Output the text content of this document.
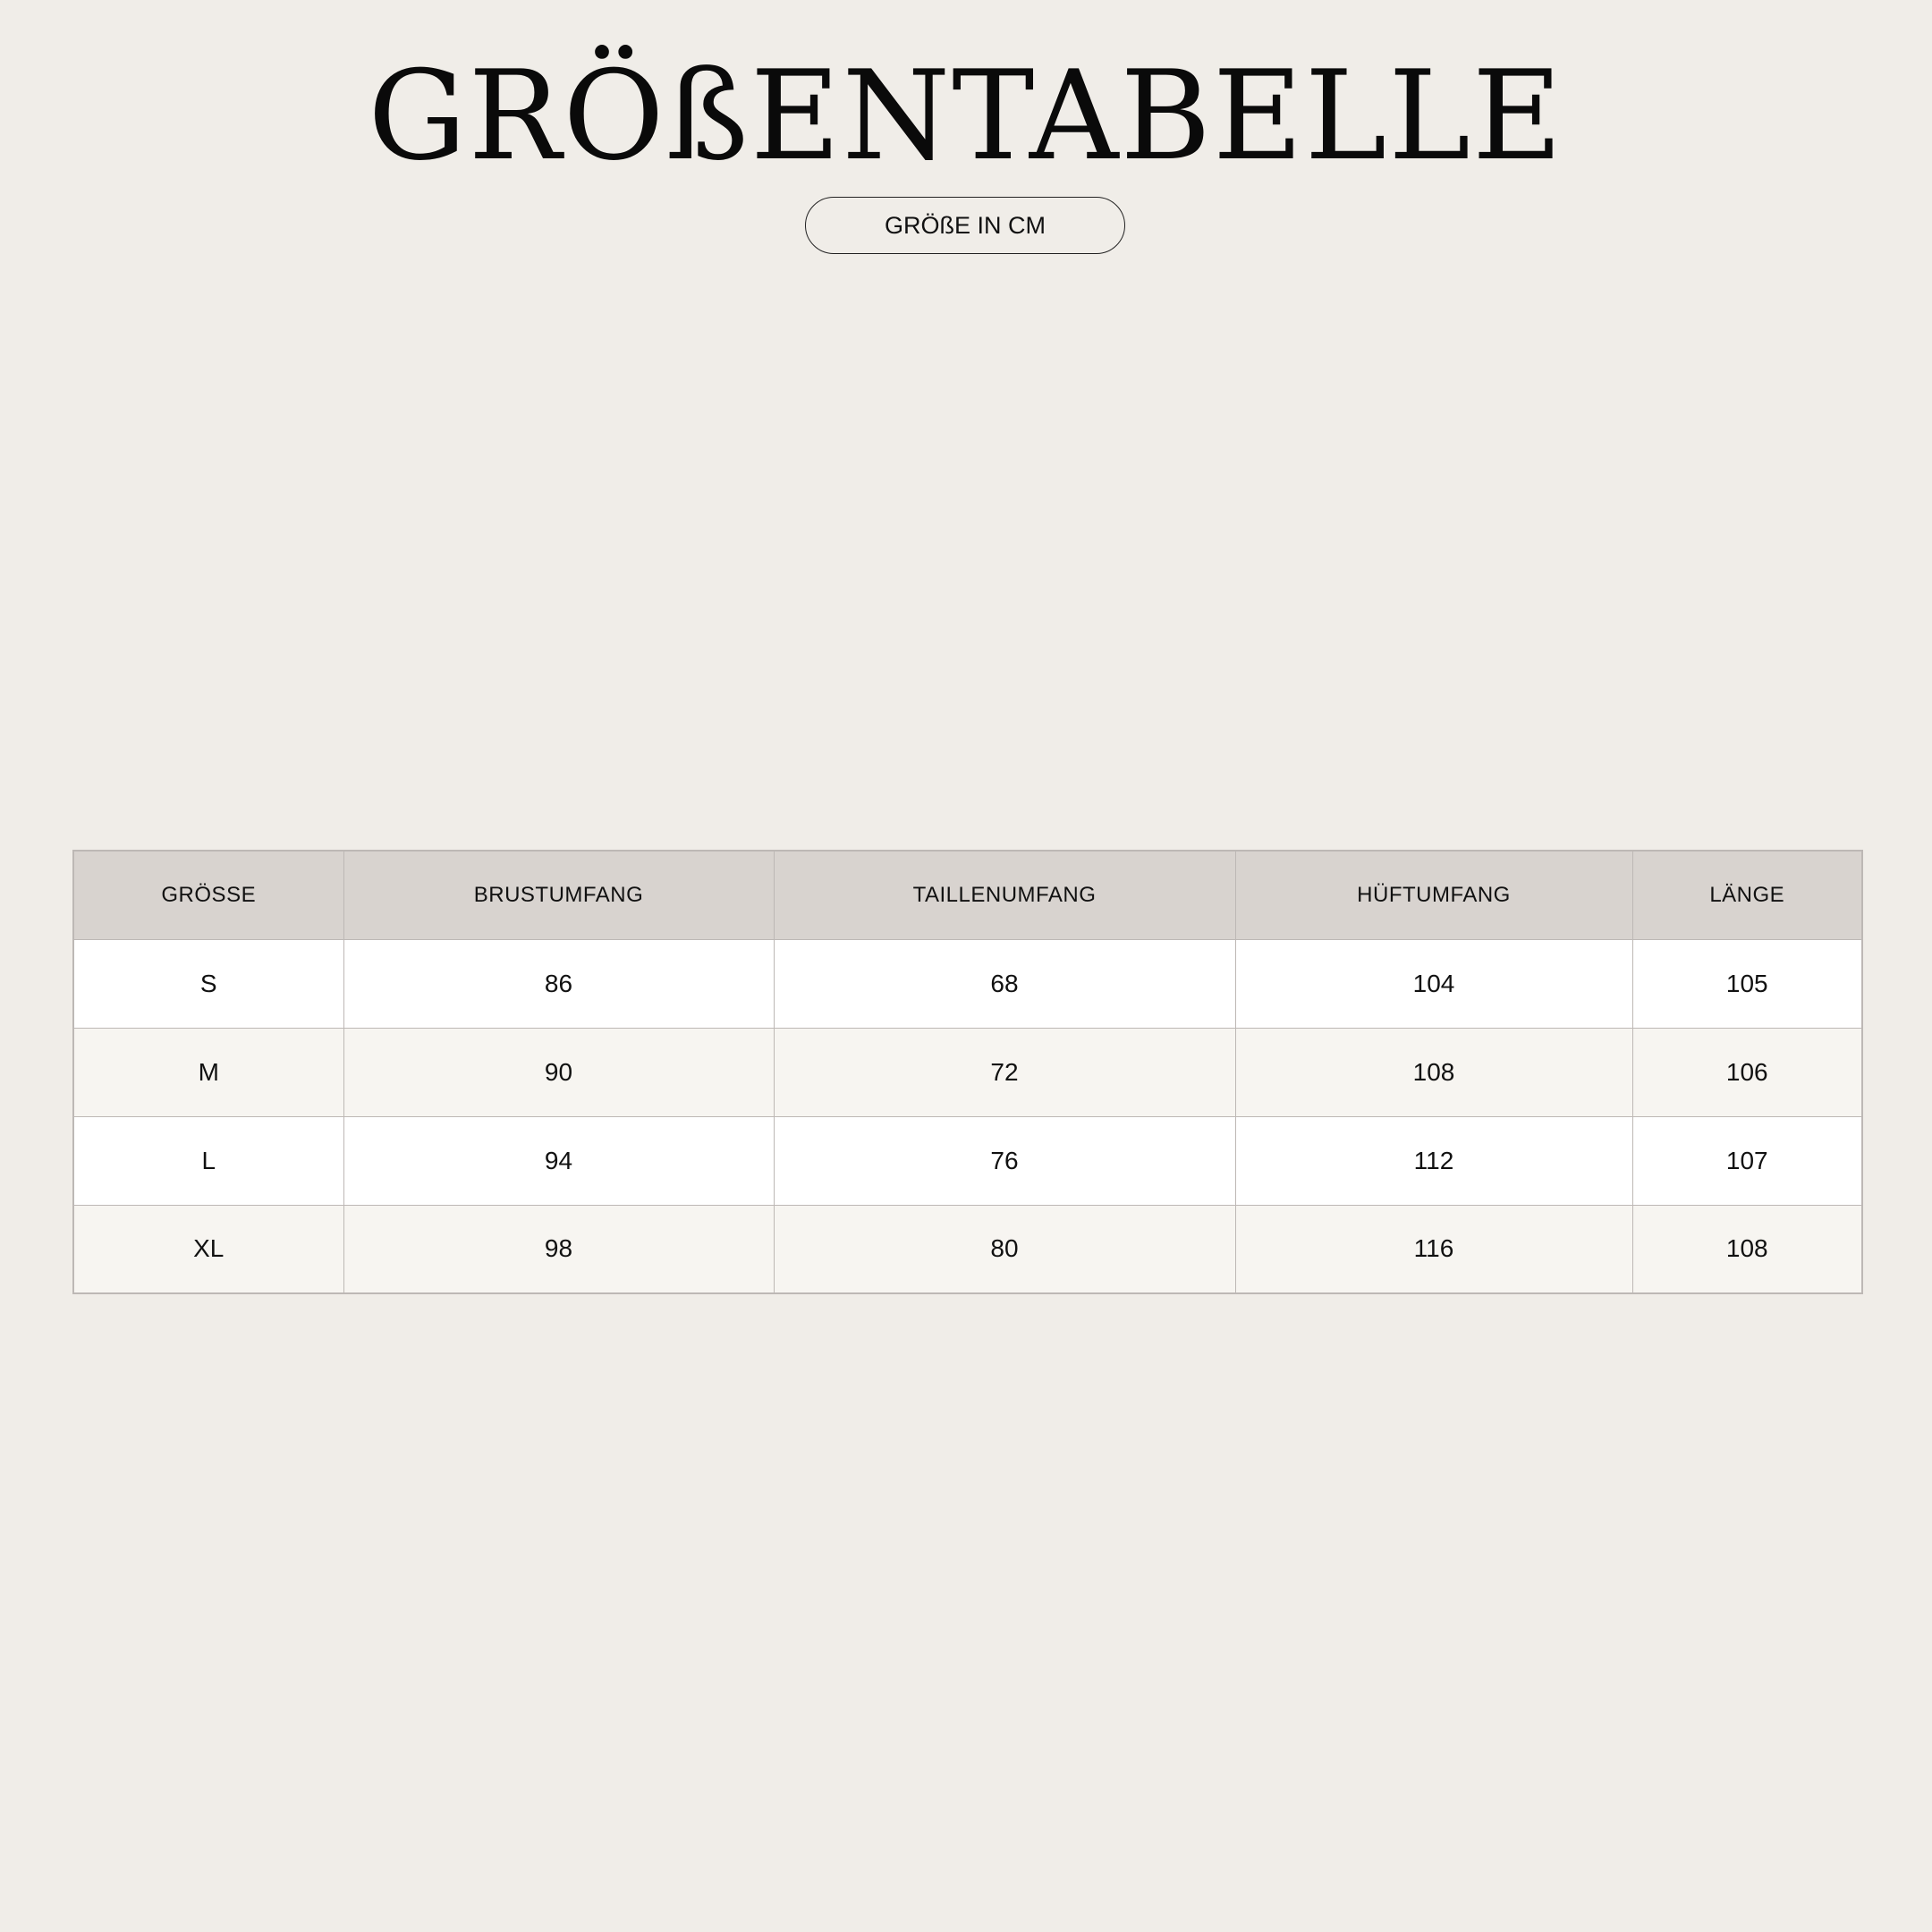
GRÖßENTABELLE
GRÖßE IN CM
GRÖSSE	BRUSTUMFANG	TAILLENUMFANG	HÜFTUMFANG	LÄNGE
S	86	68	104	105
M	90	72	108	106
L	94	76	112	107
XL	98	80	116	108
